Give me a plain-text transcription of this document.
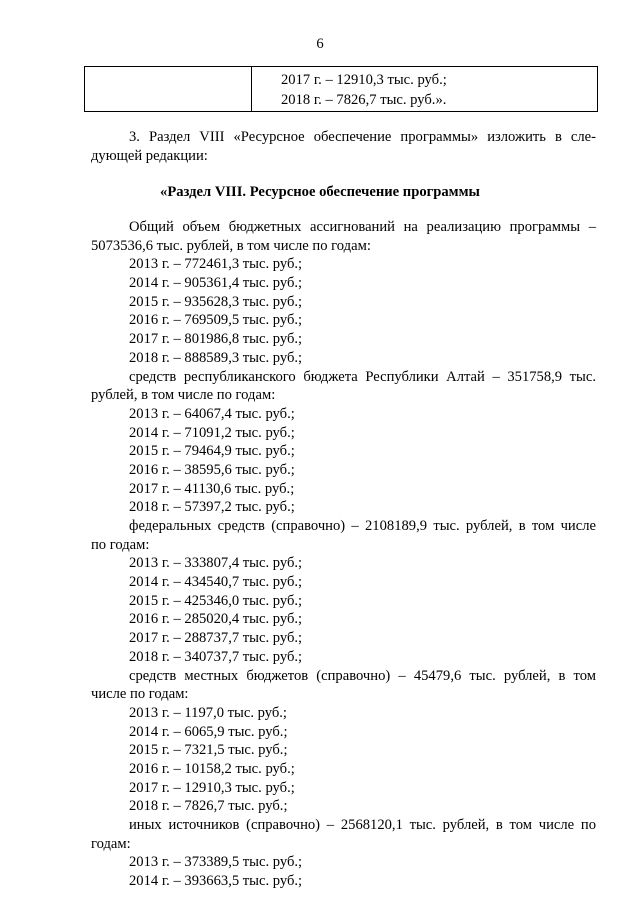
6

2017 г. – 12910,3 тыс. руб.;
2018 г. – 7826,7 тыс. руб.».
3. Раздел VIII «Ресурсное обеспечение программы» изложить в сле-
дующей редакции:
«Раздел VIII. Ресурсное обеспечение программы
Общий объем бюджетных ассигнований на реализацию программы –
5073536,6 тыс. рублей, в том числе по годам:
2013 г. – 772461,3 тыс. руб.;
2014 г. – 905361,4 тыс. руб.;
2015 г. – 935628,3 тыс. руб.;
2016 г. – 769509,5 тыс. руб.;
2017 г. – 801986,8 тыс. руб.;
2018 г. – 888589,3 тыс. руб.;
средств республиканского бюджета Республики Алтай – 351758,9 тыс.
рублей, в том числе по годам:
2013 г. – 64067,4 тыс. руб.;
2014 г. – 71091,2 тыс. руб.;
2015 г. – 79464,9 тыс. руб.;
2016 г. – 38595,6 тыс. руб.;
2017 г. – 41130,6 тыс. руб.;
2018 г. – 57397,2 тыс. руб.;
федеральных средств (справочно) – 2108189,9 тыс. рублей, в том числе
по годам:
2013 г. – 333807,4 тыс. руб.;
2014 г. – 434540,7 тыс. руб.;
2015 г. – 425346,0 тыс. руб.;
2016 г. – 285020,4 тыс. руб.;
2017 г. – 288737,7 тыс. руб.;
2018 г. – 340737,7 тыс. руб.;
средств местных бюджетов (справочно) – 45479,6 тыс. рублей, в том
числе по годам:
2013 г. – 1197,0 тыс. руб.;
2014 г. – 6065,9 тыс. руб.;
2015 г. – 7321,5 тыс. руб.;
2016 г. – 10158,2 тыс. руб.;
2017 г. – 12910,3 тыс. руб.;
2018 г. – 7826,7 тыс. руб.;
иных источников (справочно) – 2568120,1 тыс. рублей, в том числе по
годам:
2013 г. – 373389,5 тыс. руб.;
2014 г. – 393663,5 тыс. руб.;
